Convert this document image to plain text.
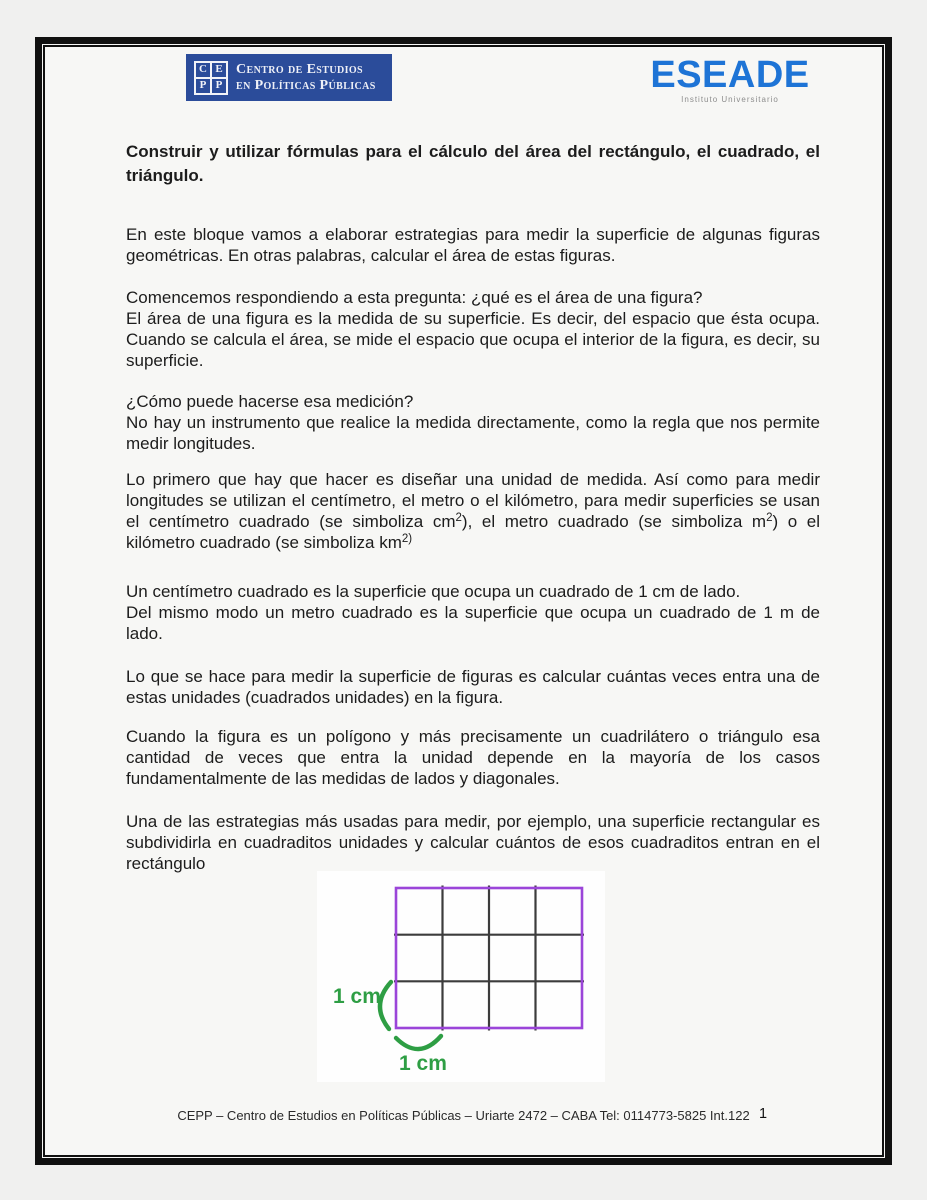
C E
P P
Centro de Estudios
en Políticas Públicas	ESEADE
Instituto Universitario
Construir y utilizar fórmulas para el cálculo del área del rectángulo, el cuadrado, el triángulo.
En este bloque vamos a elaborar estrategias para medir la superficie de algunas figuras geométricas. En otras palabras, calcular el área de estas figuras.

Comencemos respondiendo a esta pregunta: ¿qué es el área de una figura?

El área de una figura es la medida de su superficie. Es decir, del espacio que ésta ocupa. Cuando se calcula el área, se mide el espacio que ocupa el interior de la figura, es decir, su superficie.

¿Cómo puede hacerse esa medición?

No hay un instrumento que realice la medida directamente, como la regla que nos permite medir longitudes.

Lo primero que hay que hacer es diseñar una unidad de medida. Así como para medir longitudes se utilizan el centímetro, el metro o el kilómetro, para medir superficies se usan el centímetro cuadrado (se simboliza $cm^2$), el metro cuadrado (se simboliza $m^2$) o el kilómetro cuadrado (se simboliza $km^{2)}$

Un centímetro cuadrado es la superficie que ocupa un cuadrado de 1 cm de lado.

Del mismo modo un metro cuadrado es la superficie que ocupa un cuadrado de 1 m de lado.

Lo que se hace para medir la superficie de figuras es calcular cuántas veces entra una de estas unidades (cuadrados unidades) en la figura.
Cuando la figura es un polígono y más precisamente un cuadrilátero o triángulo esa cantidad de veces que entra la unidad depende en la mayoría de los casos fundamentalmente de las medidas de lados y diagonales.
Una de las estrategias más usadas para medir, por ejemplo, una superficie rectangular es subdividirla en cuadraditos unidades y calcular cuántos de esos cuadraditos entran en el rectángulo
1 cm
1 cm
CEPP – Centro de Estudios en Políticas Públicas – Uriarte 2472 – CABA Tel: 0114773-5825 Int.122 1
